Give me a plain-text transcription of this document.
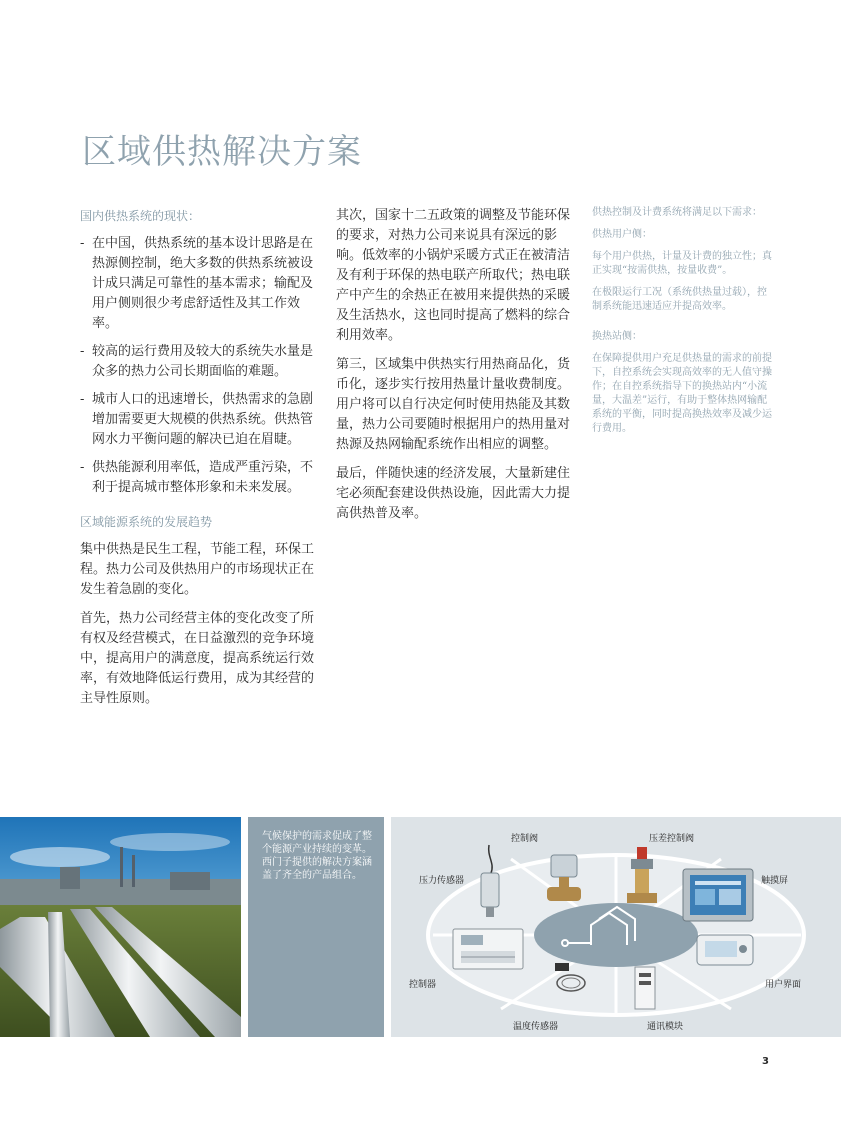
区域供热解决方案
国内供热系统的现状：
- 在中国，供热系统的基本设计思路是在热源侧控制，绝大多数的供热系统被设计成只满足可靠性的基本需求；输配及用户侧则很少考虑舒适性及其工作效率。
- 较高的运行费用及较大的系统失水量是众多的热力公司长期面临的难题。
- 城市人口的迅速增长，供热需求的急剧增加需要更大规模的供热系统。供热管网水力平衡问题的解决已迫在眉睫。
- 供热能源利用率低，造成严重污染，不利于提高城市整体形象和未来发展。
区域能源系统的发展趋势

集中供热是民生工程，节能工程，环保工程。热力公司及供热用户的市场现状正在发生着急剧的变化。

首先，热力公司经营主体的变化改变了所有权及经营模式，在日益激烈的竞争环境中，提高用户的满意度，提高系统运行效率，有效地降低运行费用，成为其经营的主导性原则。

其次，国家十二五政策的调整及节能环保的要求，对热力公司来说具有深远的影响。低效率的小锅炉采暖方式正在被清洁及有利于环保的热电联产所取代；热电联产中产生的余热正在被用来提供热的采暖及生活热水，这也同时提高了燃料的综合利用效率。

第三，区域集中供热实行用热商品化，货币化，逐步实行按用热量计量收费制度。用户将可以自行决定何时使用热能及其数量，热力公司要随时根据用户的热用量对热源及热网输配系统作出相应的调整。

最后，伴随快速的经济发展，大量新建住宅必须配套建设供热设施，因此需大力提高供热普及率。

供热控制及计费系统将满足以下需求：

供热用户侧：

每个用户供热，计量及计费的独立性；真正实现“按需供热，按量收费”。

在极限运行工况（系统供热量过载），控制系统能迅速适应并提高效率。

换热站侧：

在保障提供用户充足供热量的需求的前提下，自控系统会实现高效率的无人值守操作；在自控系统指导下的换热站内“小流量，大温差”运行，有助于整体热网输配系统的平衡，同时提高换热效率及减少运行费用。

气候保护的需求促成了整个能源产业持续的变革。西门子提供的解决方案涵盖了齐全的产品组合。
控制阀	压差控制阀
压力传感器	触摸屏
控制器	用户界面
温度传感器	通讯模块
3
